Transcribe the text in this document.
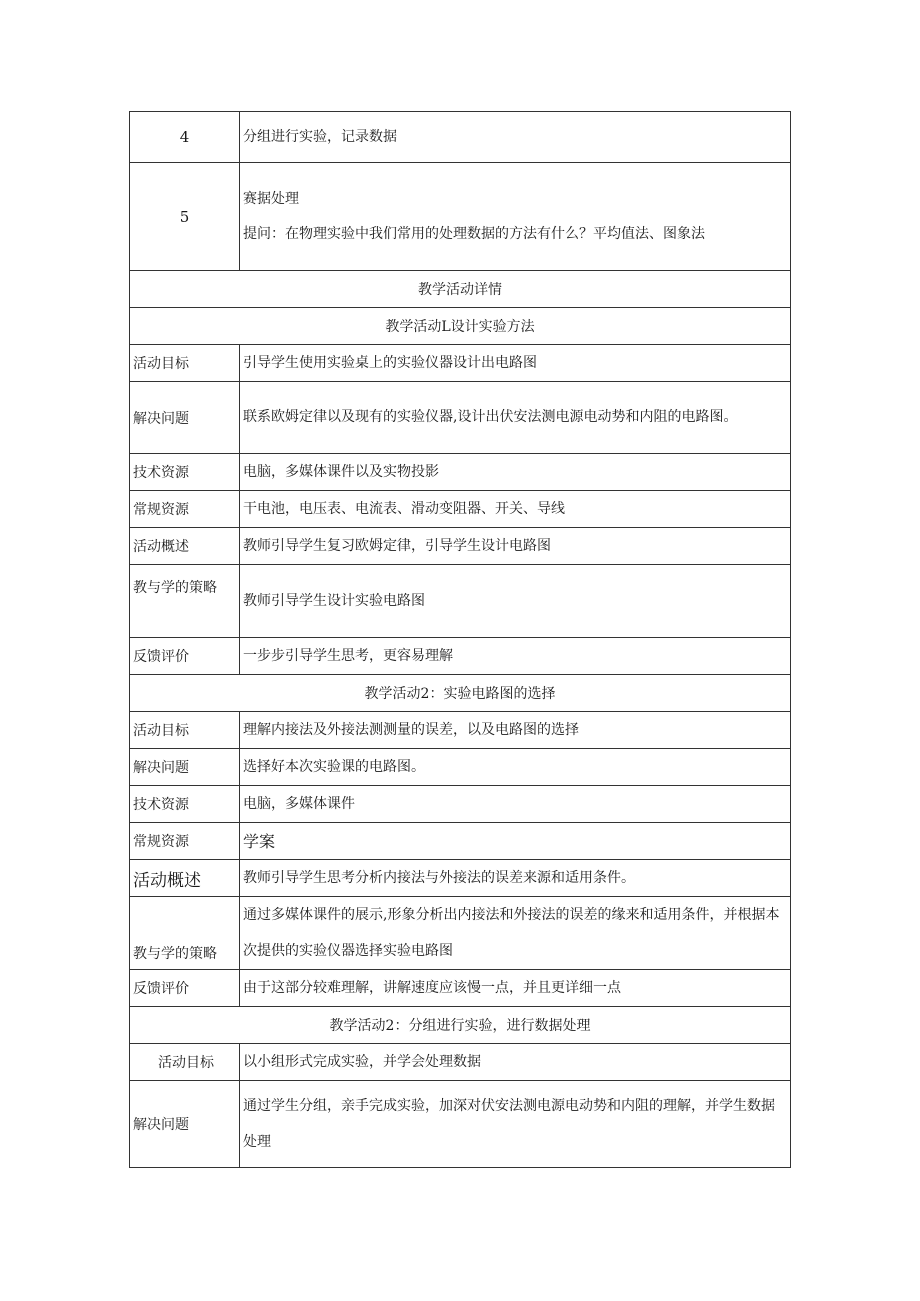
4	分组进行实验，记录数据
5	赛据处理
提问：在物理实验中我们常用的处理数据的方法有什么？平均值法、图象法

教学活动详情	
教学活动L设计实验方法	
活动目标	引导学生使用实验桌上的实验仪器设计出电路图
解决问题	联系欧姆定律以及现有的实验仪器,设计出伏安法测电源电动势和内阻的电路图。
技术资源	电脑，多媒体课件以及实物投影
常规资源	干电池，电压表、电流表、滑动变阻器、开关、导线
活动概述	教师引导学生复习欧姆定律，引导学生设计电路图
教与学的策略	教师引导学生设计实验电路图
反馈评价	一步步引导学生思考，更容易理解
教学活动2：实验电路图的选择	
活动目标	理解内接法及外接法测测量的误差，以及电路图的选择
解决问题	选择好本次实验课的电路图。
技术资源	电脑，多媒体课件
常规资源	学案
活动概述	教师引导学生思考分析内接法与外接法的误差来源和适用条件。
教与学的策略	通过多媒体课件的展示,形象分析出内接法和外接法的误差的缘来和适用条件，并根据本次提供的实验仪器选择实验电路图
反馈评价	由于这部分较难理解，讲解速度应该慢一点，并且更详细一点
教学活动2：分组进行实验，进行数据处理	
活动目标	以小组形式完成实验，并学会处理数据
解决问题	通过学生分组，亲手完成实验，加深对伏安法测电源电动势和内阻的理解，并学生数据处理
